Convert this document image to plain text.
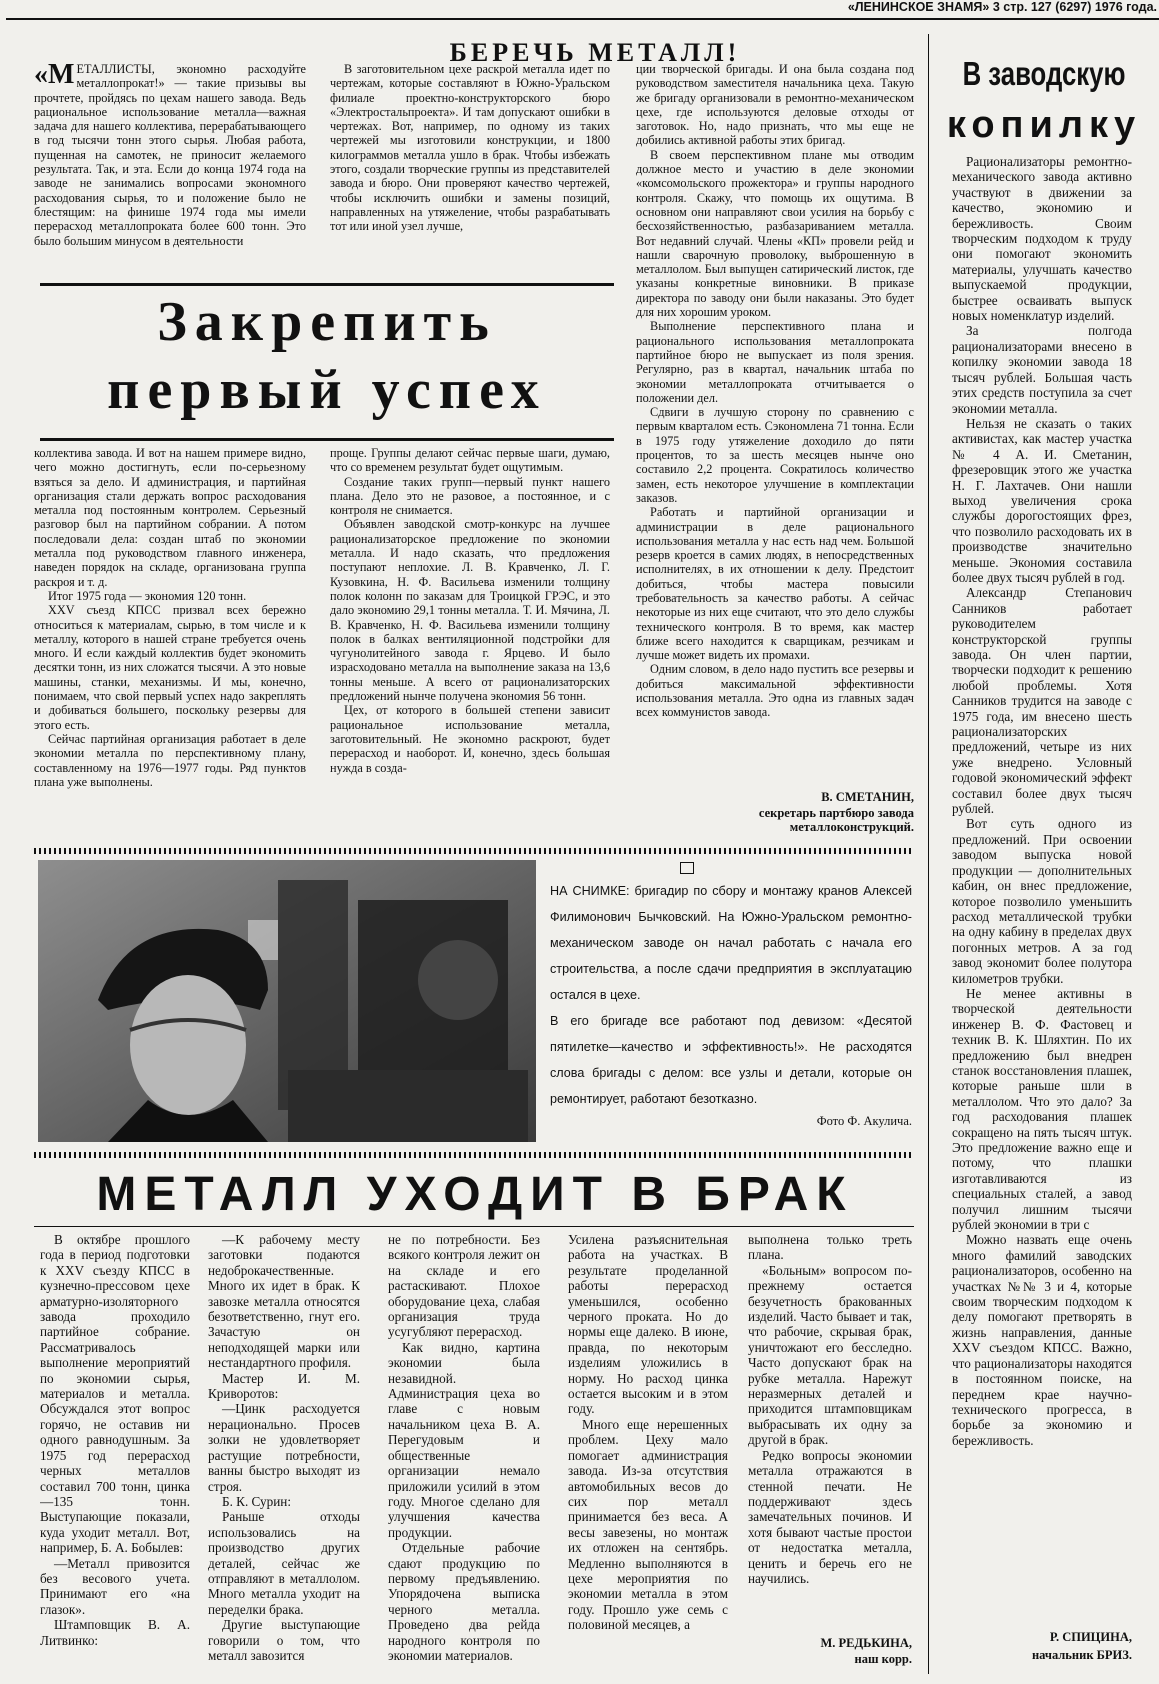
«ЛЕНИНСКОЕ ЗНАМЯ» 3 стр. 127 (6297) 1976 года.
БЕРЕЧЬ МЕТАЛЛ!

«МЕТАЛЛИСТЫ, экономно расходуйте металлопрокат!» — такие призывы вы прочтете, пройдясь по цехам нашего завода. Ведь рациональное использование металла—важная задача для нашего коллектива, перерабатывающего в год тысячи тонн этого сырья. Любая работа, пущенная на самотек, не приносит желаемого результата. Так, и эта. Если до конца 1974 года на заводе не занимались вопросами экономного расходования сырья, то и положение было не блестящим: на финише 1974 года мы имели перерасход металлопроката более 600 тонн. Это было большим минусом в деятельности

В заготовительном цехе раскрой металла идет по чертежам, которые составляют в Южно-Уральском филиале проектно-конструкторского бюро «Электростальпроекта». И там допускают ошибки в чертежах. Вот, например, по одному из таких чертежей мы изготовили конструкции, и 1800 килограммов металла ушло в брак. Чтобы избежать этого, создали творческие группы из представителей завода и бюро. Они проверяют качество чертежей, чтобы исключить ошибки и замены позиций, направленных на утяжеление, чтобы разрабатывать тот или иной узел лучше,

ции творческой бригады. И она была создана под руководством заместителя начальника цеха. Такую же бригаду организовали в ремонтно-механическом цехе, где используются деловые отходы от заготовок. Но, надо признать, что мы еще не добились активной работы этих бригад.

В своем перспективном плане мы отводим должное место и участию в деле экономии «комсомольского прожектора» и группы народного контроля. Скажу, что помощь их ощутима. В основном они направляют свои усилия на борьбу с бесхозяйственностью, разбазариванием металла. Вот недавний случай. Члены «КП» провели рейд и нашли сварочную проволоку, выброшенную в металлолом. Был выпущен сатирический листок, где указаны конкретные виновники. В приказе директора по заводу они были наказаны. Это будет для них хорошим уроком.

Выполнение перспективного плана и рационального использования металлопроката партийное бюро не выпускает из поля зрения. Регулярно, раз в квартал, начальник штаба по экономии металлопроката отчитывается о положении дел.

Сдвиги в лучшую сторону по сравнению с первым кварталом есть. Сэкономлена 71 тонна. Если в 1975 году утяжеление доходило до пяти процентов, то за шесть месяцев нынче оно составило 2,2 процента. Сократилось количество замен, есть некоторое улучшение в комплектации заказов.

Работать и партийной организации и администрации в деле рационального использования металла у нас есть над чем. Большой резерв кроется в самих людях, в непосредственных исполнителях, в их отношении к делу. Предстоит добиться, чтобы мастера повысили требовательность за качество работы. А сейчас некоторые из них еще считают, что это дело службы технического контроля. В то время, как мастер ближе всего находится к сварщикам, резчикам и лучше может видеть их промахи.

Одним словом, в дело надо пустить все резервы и добиться максимальной эффективности использования металла. Это одна из главных задач всех коммунистов завода.

В. СМЕТАНИН,
секретарь партбюро завода металлоконструкций.
Закрепить
первый успех

коллектива завода. И вот на нашем примере видно, чего можно достигнуть, если по-серьезному взяться за дело. И администрация, и партийная организация стали держать вопрос расходования металла под постоянным контролем. Серьезный разговор был на партийном собрании. А потом последовали дела: создан штаб по экономии металла под руководством главного инженера, наведен порядок на складе, организована группа раскроя и т. д.

Итог 1975 года — экономия 120 тонн.

XXV съезд КПСС призвал всех бережно относиться к материалам, сырью, в том числе и к металлу, которого в нашей стране требуется очень много. И если каждый коллектив будет экономить десятки тонн, из них сложатся тысячи. А это новые машины, станки, механизмы. И мы, конечно, понимаем, что свой первый успех надо закреплять и добиваться большего, поскольку резервы для этого есть.

Сейчас партийная организация работает в деле экономии металла по перспективному плану, составленному на 1976—1977 годы. Ряд пунктов плана уже выполнены.

проще. Группы делают сейчас первые шаги, думаю, что со временем результат будет ощутимым.

Создание таких групп—первый пункт нашего плана. Дело это не разовое, а постоянное, и с контроля не снимается.

Объявлен заводской смотр-конкурс на лучшее рационализаторское предложение по экономии металла. И надо сказать, что предложения поступают неплохие. Л. В. Кравченко, Л. Г. Кузовкина, Н. Ф. Васильева изменили толщину полок колонн по заказам для Троицкой ГРЭС, и это дало экономию 29,1 тонны металла. Т. И. Мячина, Л. В. Кравченко, Н. Ф. Васильева изменили толщину полок в балках вентиляционной подстройки для чугунолитейного завода г. Ярцево. И было израсходовано металла на выполнение заказа на 13,6 тонны меньше. А всего от рационализаторских предложений нынче получена экономия 56 тонн.

Цех, от которого в большей степени зависит рациональное использование металла, заготовительный. Не экономно раскроют, будет перерасход и наоборот. И, конечно, здесь большая нужда в созда-

НА СНИМКЕ: бригадир по сбору и монтажу кранов Алексей Филимонович Бычковский. На Южно-Уральском ремонтно-механическом заводе он начал работать с начала его строительства, а после сдачи предприятия в эксплуатацию остался в цехе.

В его бригаде все работают под девизом: «Десятой пятилетке—качество и эффективность!». Не расходятся слова бригады с делом: все узлы и детали, которые он ремонтирует, работают безотказно.

Фото Ф. Акулича.
В заводскую
копилку

Рационализаторы ремонтно-механического завода активно участвуют в движении за качество, экономию и бережливость. Своим творческим подходом к труду они помогают экономить материалы, улучшать качество выпускаемой продукции, быстрее осваивать выпуск новых номенклатур изделий.

За полгода рационализаторами внесено в копилку экономии завода 18 тысяч рублей. Большая часть этих средств поступила за счет экономии металла.

Нельзя не сказать о таких активистах, как мастер участка № 4 А. И. Сметанин, фрезеровщик этого же участка Н. Г. Лахтачев. Они нашли выход увеличения срока службы дорогостоящих фрез, что позволило расходовать их в производстве значительно меньше. Экономия составила более двух тысяч рублей в год.

Александр Степанович Санников работает руководителем конструкторской группы завода. Он член партии, творчески подходит к решению любой проблемы. Хотя Санников трудится на заводе с 1975 года, им внесено шесть рационализаторских предложений, четыре из них уже внедрено. Условный годовой экономический эффект составил более двух тысяч рублей.

Вот суть одного из предложений. При освоении заводом выпуска новой продукции — дополнительных кабин, он внес предложение, которое позволило уменьшить расход металлической трубки на одну кабину в пределах двух погонных метров. А за год завод экономит более полутора километров трубки.

Не менее активны в творческой деятельности инженер В. Ф. Фастовец и техник В. К. Шляхтин. По их предложению был внедрен станок восстановления плашек, которые раньше шли в металлолом. Что это дало? За год расходования плашек сокращено на пять тысяч штук. Это предложение важно еще и потому, что плашки изготавливаются из специальных сталей, а завод получил лишним тысячи рублей экономии в три с

Можно назвать еще очень много фамилий заводских рационализаторов, особенно на участках №№ 3 и 4, которые своим творческим подходом к делу помогают претворять в жизнь направления, данные XXV съездом КПСС. Важно, что рационализаторы находятся в постоянном поиске, на переднем крае научно-технического прогресса, в борьбе за экономию и бережливость.

Р. СПИЦИНА,
начальник БРИЗ.
МЕТАЛЛ УХОДИТ В БРАК

В октябре прошлого года в период подготовки к XXV съезду КПСС в кузнечно-прессовом цехе арматурно-изоляторного завода проходило партийное собрание. Рассматривалось выполнение мероприятий по экономии сырья, материалов и металла. Обсуждался этот вопрос горячо, не оставив ни одного равнодушным. За 1975 год перерасход черных металлов составил 700 тонн, цинка—135 тонн. Выступающие показали, куда уходит металл. Вот, например, Б. А. Бобылев:

—Металл привозится без весового учета. Принимают его «на глазок».

Штамповщик В. А. Литвинко:

—К рабочему месту заготовки подаются недоброкачественные. Много их идет в брак. К завозке металла относятся безответственно, гнут его. Зачастую он неподходящей марки или нестандартного профиля.

Мастер И. М. Криворотов:

—Цинк расходуется нерационально. Просев золки не удовлетворяет растущие потребности, ванны быстро выходят из строя.

Б. К. Сурин:

Раньше отходы использовались на производство других деталей, сейчас же отправляют в металлолом. Много металла уходит на переделки брака.

Другие выступающие говорили о том, что металл завозится

не по потребности. Без всякого контроля лежит он на складе и его растаскивают. Плохое оборудование цеха, слабая организация труда усугубляют перерасход.

Как видно, картина экономии была незавидной. Администрация цеха во главе с новым начальником цеха В. А. Перегудовым и общественные организации немало приложили усилий в этом году. Многое сделано для улучшения качества продукции.

Отдельные рабочие сдают продукцию по первому предъявлению. Упорядочена выписка черного металла. Проведено два рейда народного контроля по экономии материалов.

Усилена разъяснительная работа на участках. В результате проделанной работы перерасход уменьшился, особенно черного проката. Но до нормы еще далеко. В июне, правда, по некоторым изделиям уложились в норму. Но расход цинка остается высоким и в этом году.

Много еще нерешенных проблем. Цеху мало помогает администрация завода. Из-за отсутствия автомобильных весов до сих пор металл принимается без веса. А весы завезены, но монтаж их отложен на сентябрь. Медленно выполняются в цехе мероприятия по экономии металла в этом году. Прошло уже семь с половиной месяцев, а

выполнена только треть плана.

«Больным» вопросом по-прежнему остается безучетность бракованных изделий. Часто бывает и так, что рабочие, скрывая брак, уничтожают его бесследно. Часто допускают брак на рубке металла. Нарежут неразмерных деталей и приходится штамповщикам выбрасывать их одну за другой в брак.

Редко вопросы экономии металла отражаются в стенной печати. Не поддерживают здесь замечательных починов. И хотя бывают частые простои от недостатка металла, ценить и беречь его не научились.

М. РЕДЬКИНА,
наш корр.
